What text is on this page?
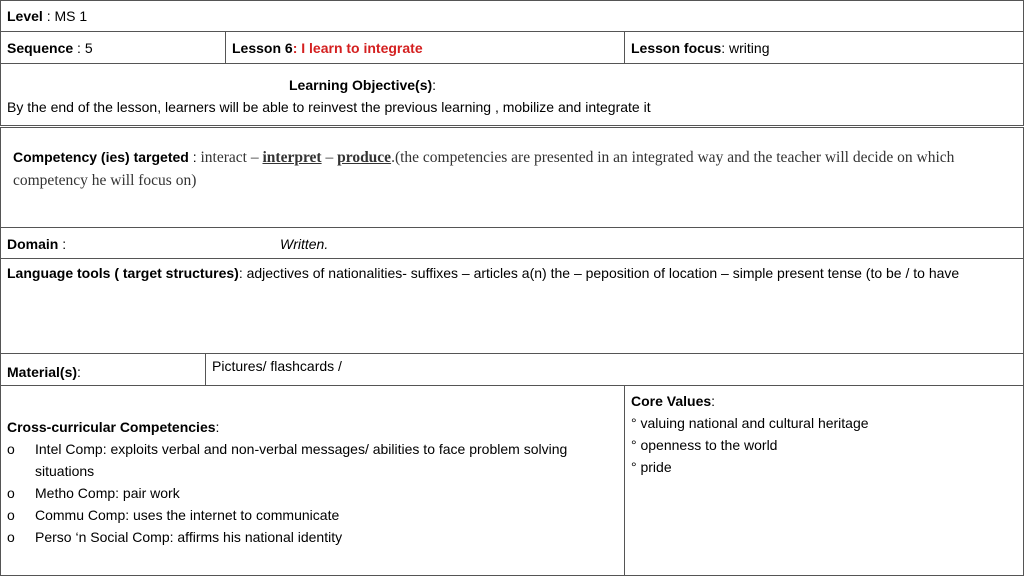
Level : MS 1
Sequence : 5	Lesson 6: I learn to integrate	Lesson focus: writing
Learning Objective(s):
By the end of the lesson, learners will be able to reinvest the previous learning , mobilize and integrate it
Competency (ies) targeted : interact – interpret – produce.(the competencies are presented in an integrated way and the teacher will decide on which competency he will focus on)
Domain :	Written.
Language tools ( target structures): adjectives of nationalities- suffixes – articles a(n) the – peposition of location – simple present tense (to be / to have
Material(s):	Pictures/ flashcards /
Cross-curricular Competencies:
o Intel Comp: exploits verbal and non-verbal messages/ abilities to face problem solving situations
o Metho Comp: pair work
o Commu Comp: uses the internet to communicate
o Perso ‘n Social Comp: affirms his national identity
Core Values:
° valuing national and cultural heritage
° openness to the world
° pride
